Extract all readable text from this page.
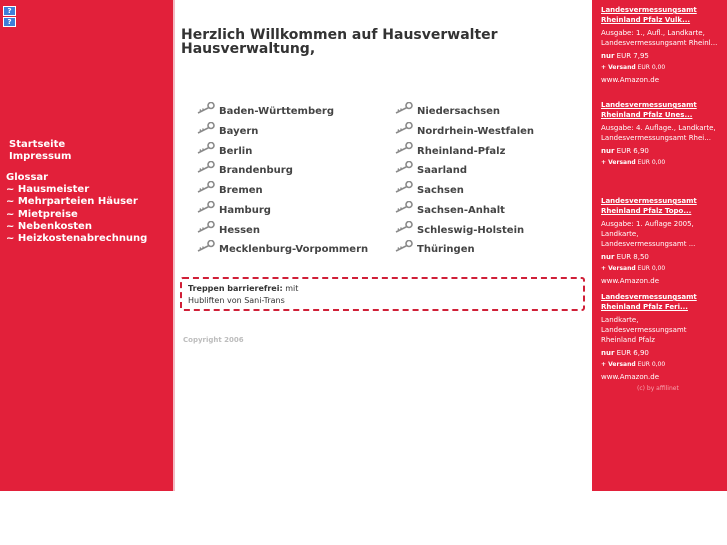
?
?
Startseite
Impressum
Glossar
~ Hausmeister
~ Mehrparteien Häuser
~ Mietpreise
~ Nebenkosten
~ Heizkostenabrechnung
Herzlich Willkommen auf Hausverwalter Hausverwaltung,
Baden-Württemberg
Bayern
Berlin
Brandenburg
Bremen
Hamburg
Hessen
Mecklenburg-Vorpommern
Niedersachsen
Nordrhein-Westfalen
Rheinland-Pfalz
Saarland
Sachsen
Sachsen-Anhalt
Schleswig-Holstein
Thüringen
Treppen barrierefrei: mit
Hubliften von Sani-Trans
Copyright 2006
Landesvermessungsamt Rheinland Pfalz Vulk...
Ausgabe: 1., Aufl., Landkarte, Landesvermessungsamt Rheinl...
nur EUR 7,95
+ Versand EUR 0,00
www.Amazon.de
Landesvermessungsamt Rheinland Pfalz Unes...
Ausgabe: 4. Auflage., Landkarte, Landesvermessungsamt Rhei...
nur EUR 6,90
+ Versand EUR 0,00
Landesvermessungsamt Rheinland Pfalz Topo...
Ausgabe: 1. Auflage 2005, Landkarte, Landesvermessungsamt ...
nur EUR 8,50
+ Versand EUR 0,00
www.Amazon.de
Landesvermessungsamt Rheinland Pfalz Feri...
Landkarte, Landesvermessungsamt Rheinland Pfalz
nur EUR 6,90
+ Versand EUR 0,00
www.Amazon.de
(c) by affilinet
